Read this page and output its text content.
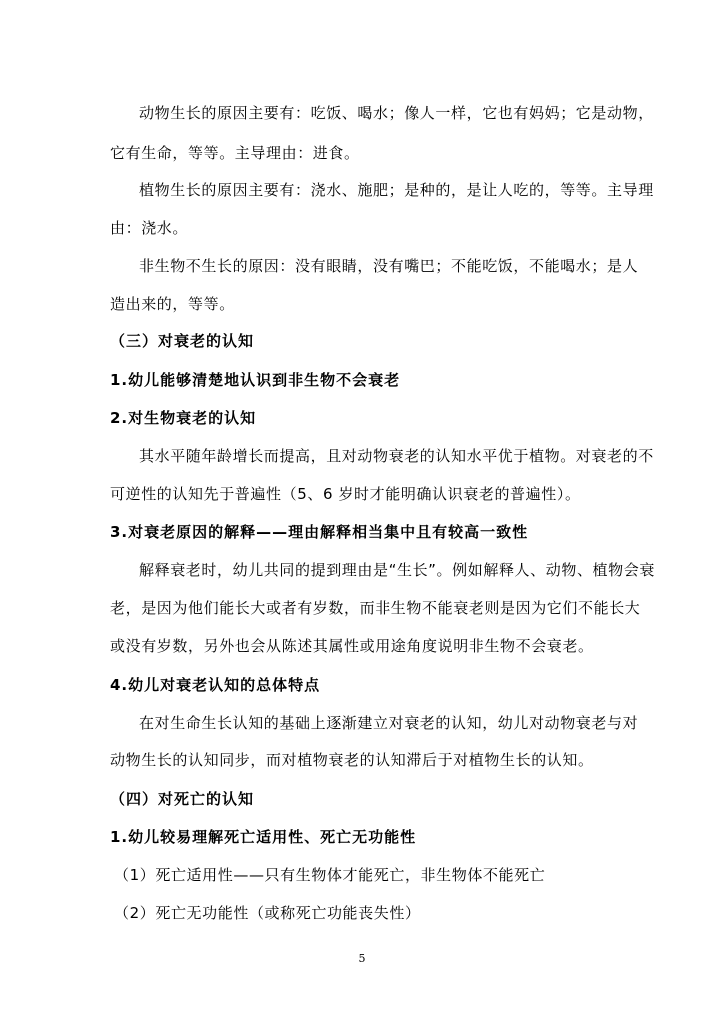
动物生长的原因主要有：吃饭、喝水；像人一样，它也有妈妈；它是动物，
它有生命，等等。主导理由：进食。
植物生长的原因主要有：浇水、施肥；是种的，是让人吃的，等等。主导理
由：浇水。
非生物不生长的原因：没有眼睛，没有嘴巴；不能吃饭，不能喝水；是人
造出来的，等等。
（三）对衰老的认知
1.幼儿能够清楚地认识到非生物不会衰老
2.对生物衰老的认知
其水平随年龄增长而提高，且对动物衰老的认知水平优于植物。对衰老的不
可逆性的认知先于普遍性（5、6 岁时才能明确认识衰老的普遍性）。
3.对衰老原因的解释——理由解释相当集中且有较高一致性
解释衰老时，幼儿共同的提到理由是“生长”。例如解释人、动物、植物会衰
老，是因为他们能长大或者有岁数，而非生物不能衰老则是因为它们不能长大
或没有岁数，另外也会从陈述其属性或用途角度说明非生物不会衰老。
4.幼儿对衰老认知的总体特点
在对生命生长认知的基础上逐渐建立对衰老的认知，幼儿对动物衰老与对
动物生长的认知同步，而对植物衰老的认知滞后于对植物生长的认知。
（四）对死亡的认知
1.幼儿较易理解死亡适用性、死亡无功能性
（1）死亡适用性——只有生物体才能死亡，非生物体不能死亡
（2）死亡无功能性（或称死亡功能丧失性）
5
